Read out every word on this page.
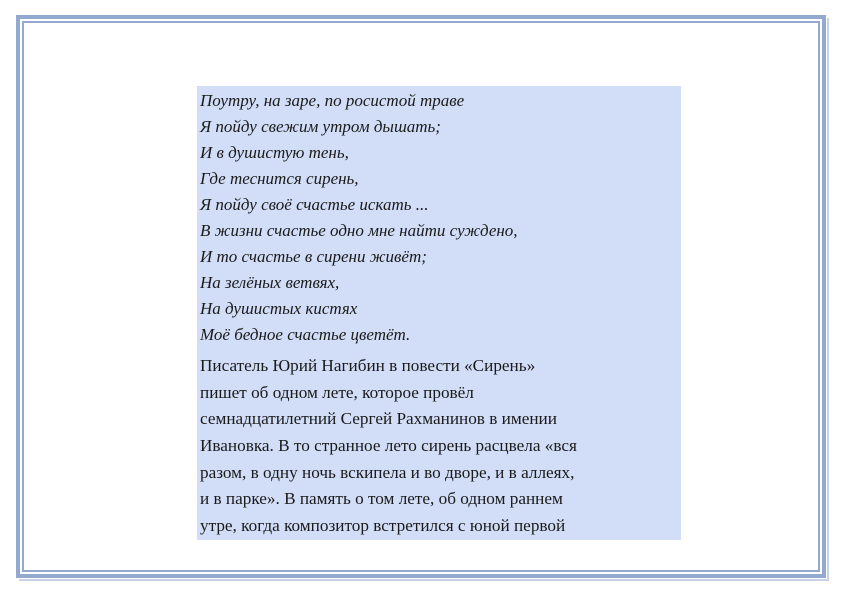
Поутру, на заре, по росистой траве
Я пойду свежим утром дышать;
И в душистую тень,
Где теснится сирень,
Я пойду своё счастье искать ...
В жизни счастье одно мне найти суждено,
И то счастье в сирени живёт;
На зелёных ветвях,
На душистых кистях
Моё бедное счастье цветёт.
Писатель Юрий Нагибин в повести «Сирень»
пишет об одном лете, которое провёл
семнадцатилетний Сергей Рахманинов в имении
Ивановка. В то странное лето сирень расцвела «вся
разом, в одну ночь вскипела и во дворе, и в аллеях,
и в парке». В память о том лете, об одном раннем
утре, когда композитор встретился с юной первой
